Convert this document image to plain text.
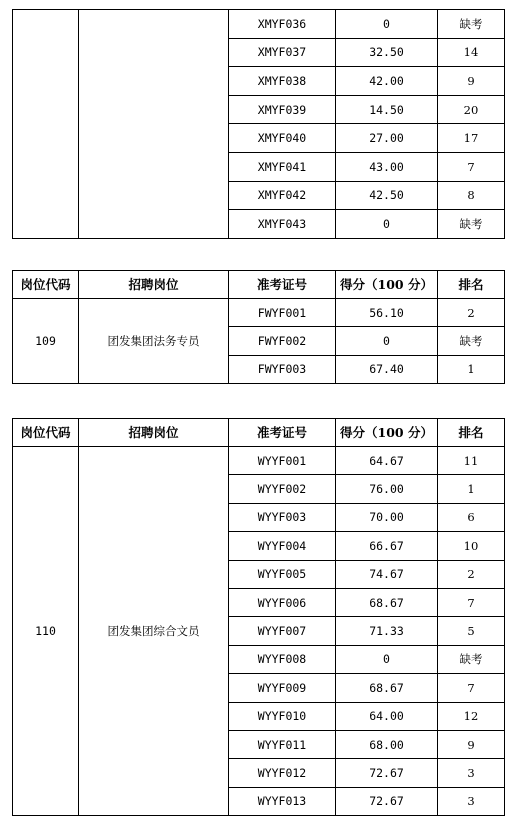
		XMYF036	0	缺考
		XMYF037	32.50	14
		XMYF038	42.00	9
		XMYF039	14.50	20
		XMYF040	27.00	17
		XMYF041	43.00	7
		XMYF042	42.50	8
		XMYF043	0	缺考
岗位代码	招聘岗位	准考证号	得分（100 分）	排名
109	团发集团法务专员	FWYF001	56.10	2
		FWYF002	0	缺考
		FWYF003	67.40	1
岗位代码	招聘岗位	准考证号	得分（100 分）	排名
110	团发集团综合文员	WYYF001	64.67	11
		WYYF002	76.00	1
		WYYF003	70.00	6
		WYYF004	66.67	10
		WYYF005	74.67	2
		WYYF006	68.67	7
		WYYF007	71.33	5
		WYYF008	0	缺考
		WYYF009	68.67	7
		WYYF010	64.00	12
		WYYF011	68.00	9
		WYYF012	72.67	3
		WYYF013	72.67	3
